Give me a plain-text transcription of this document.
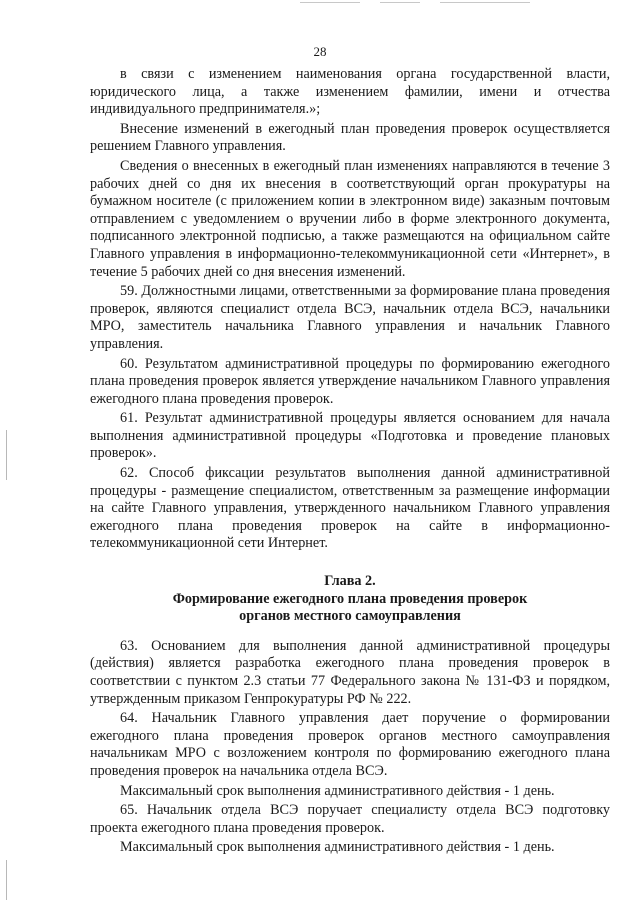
28

в связи с изменением наименования органа государственной власти, юридического лица, а также изменением фамилии, имени и отчества индивидуального предпринимателя.»;

Внесение изменений в ежегодный план проведения проверок осуществляется решением Главного управления.

Сведения о внесенных в ежегодный план изменениях направляются в течение 3 рабочих дней со дня их внесения в соответствующий орган прокуратуры на бумажном носителе (с приложением копии в электронном виде) заказным почтовым отправлением с уведомлением о вручении либо в форме электронного документа, подписанного электронной подписью, а также размещаются на официальном сайте Главного управления в информационно-телекоммуникационной сети «Интернет», в течение 5 рабочих дней со дня внесения изменений.

59. Должностными лицами, ответственными за формирование плана проведения проверок, являются специалист отдела ВСЭ, начальник отдела ВСЭ, начальники МРО, заместитель начальника Главного управления и начальник Главного управления.

60. Результатом административной процедуры по формированию ежегодного плана проведения проверок является утверждение начальником Главного управления ежегодного плана проведения проверок.

61. Результат административной процедуры является основанием для начала выполнения административной процедуры «Подготовка и проведение плановых проверок».

62. Способ фиксации результатов выполнения данной административной процедуры - размещение специалистом, ответственным за размещение информации на сайте Главного управления, утвержденного начальником Главного управления ежегодного плана проведения проверок на сайте в информационно-телекоммуникационной сети Интернет.

Глава 2.
Формирование ежегодного плана проведения проверок
органов местного самоуправления

63. Основанием для выполнения данной административной процедуры (действия) является разработка ежегодного плана проведения проверок в соответствии с пунктом 2.3 статьи 77 Федерального закона № 131-ФЗ и порядком, утвержденным приказом Генпрокуратуры РФ № 222.

64. Начальник Главного управления дает поручение о формировании ежегодного плана проведения проверок органов местного самоуправления начальникам МРО с возложением контроля по формированию ежегодного плана проведения проверок на начальника отдела ВСЭ.

Максимальный срок выполнения административного действия - 1 день.

65. Начальник отдела ВСЭ поручает специалисту отдела ВСЭ подготовку проекта ежегодного плана проведения проверок.

Максимальный срок выполнения административного действия - 1 день.
